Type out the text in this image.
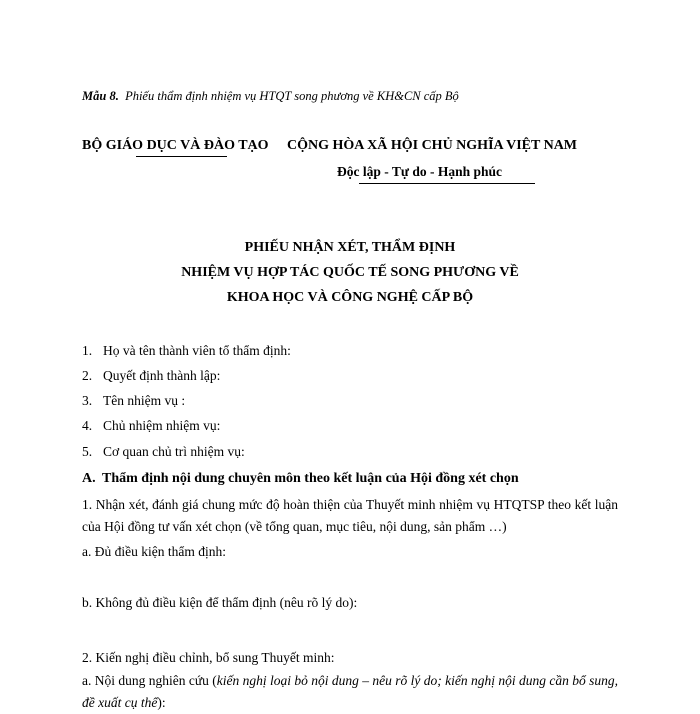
Mẫu 8. Phiếu thẩm định nhiệm vụ HTQT song phương về KH&CN cấp Bộ
BỘ GIÁO DỤC VÀ ĐÀO TẠO CỘNG HÒA XÃ HỘI CHỦ NGHĨA VIỆT NAM
Độc lập - Tự do - Hạnh phúc
PHIẾU NHẬN XÉT, THẨM ĐỊNH
NHIỆM VỤ HỢP TÁC QUỐC TẾ SONG PHƯƠNG VỀ
KHOA HỌC VÀ CÔNG NGHỆ CẤP BỘ
1. Họ và tên thành viên tổ thẩm định:
2. Quyết định thành lập:
3. Tên nhiệm vụ :
4. Chủ nhiệm nhiệm vụ:
5. Cơ quan chủ trì nhiệm vụ:
A. Thẩm định nội dung chuyên môn theo kết luận của Hội đồng xét chọn
1. Nhận xét, đánh giá chung mức độ hoàn thiện của Thuyết minh nhiệm vụ HTQTSP theo kết luận của Hội đồng tư vấn xét chọn (về tổng quan, mục tiêu, nội dung, sản phẩm …)
a. Đủ điều kiện thẩm định:
b. Không đủ điều kiện để thẩm định (nêu rõ lý do):
2. Kiến nghị điều chỉnh, bổ sung Thuyết minh:
a. Nội dung nghiên cứu (kiến nghị loại bỏ nội dung – nêu rõ lý do; kiến nghị nội dung cần bổ sung, đề xuất cụ thể):
